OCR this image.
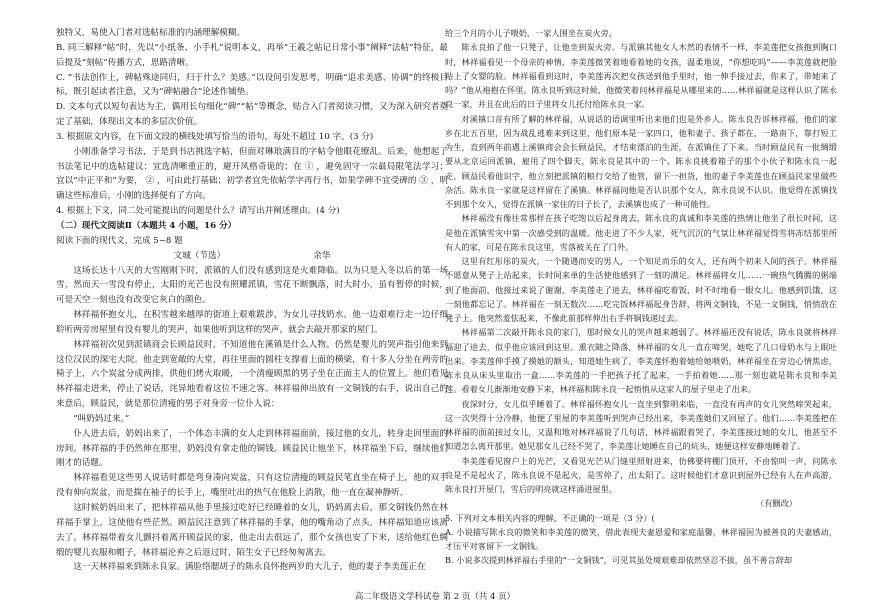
独特又，易使入门者对选帖标准的内涵理解模糊。

B. 同三解释“帖”时，先以“小纸条、小手札”说明本义，再举“王羲之帖记日常小事”阐释“法帖”特征，最后提及“刻帖”传播方式，思路清晰。

C. “书法创作上，碑帖殊途同归，归于什么？美感。”以设问引发思考，明确“追求美感、协调”的终极目标，既引起读者注意，又为“碑帖融合”论述作铺垫。

D. 文本句式以短句表达为主，偶用长句细化“碑”“帖”等概念，贴合入门者阅读习惯，又为深入研究者奠定了基础，体现出文本的多层次价值。

3. 根据原文内容，在下面文段的横线处填写恰当的语句，每处不超过 10 字。(3 分)

小刚准备学习书法，于是到书店挑选字帖，但面对琳琅满目的字帖令他眼花缭乱。后来，他想起了书法笔记中的选帖建议：宜选清晰重正的，避开风格奇诡的；在 ① ，避免固守一宗最局限笔法学习；宜以“中正平和”为要， ② ，可由此打基础；初学者宜先依帖学字再行书，如果学碑不宜受碑的 ③ ，明确这些标准后，小刚的选择便有了方向。

4. 根据上下文，同二处可能提出的问题是什么？请写出并阐述理由。(4 分)

（二）现代文阅读Ⅱ（本题共 4 小题，16 分）

阅读下面的现代文，完成 5~8 题

文城（节选）	余华

这场长达十八天的大雪刚刚下时，派镇的人们没有感到这是火难降临。以为只是入冬以后的第一场雪，然而天一雪没有停止，太阳的光芒也没有照耀派镇，雪花不断飘落，时大时小，虽有暂停的时候，可是天空一刻也没有改变它灰白的颜色。

林祥福怀抱女儿，在积雪越来越厚的街道上艰难跋涉，为女儿寻找奶水。他一边艰难行走一边仔细聆听两旁房屋里有没有婴儿的哭声，如果他听到这样的哭声，就会去敲开那家的屋门。

林祥福初次见到派镇商会长顾益民时，不知道他在溪镇是什么人物。仍然是婴儿的哭声指引他来到这位汉民的深宅大院。他走到宽敞的大堂，再往里面的圆柱支撑着上面的横梁，有十多人分坐在两旁的椅子上，六个炭盆分成两排，供他们烤火取暖，一个清瘦顾黑的男子坐在正面主人的位置上。他们看见林祥福走进来，停止了说话，诧异地看着这位不速之客。林祥福伸出放有一文铜钱的右手，说出自己的来意后，顾益民，就是那位清瘦的男子对身旁一位仆人说：

“叫奶妈过来。”

仆人进去后，奶妈出来了，一个体态丰满的女人走到林祥福面前，接过他的女儿，转身走回里面的房间。林祥福的手仍然伸在那里，奶妈没有拿走他的铜钱。顾益民让他坐下，林祥福坐下后，继续他们刚才的话题。

林祥福看见这些男人说话时都是弯身凑向炭盆，只有这位清瘦的顾益民笔直坐在椅子上，他的双手没有伸向炭盆，而是揣在袖子的长手上，嘴里吐出的热气在他脸上消散，他一直在凝神静听。

这时候奶妈出来了，把林祥福从他手里接过吃好已经睡着的女儿，奶妈离去后，那文铜钱仍然在林祥福手掌上，这使他有些茫然。顾益民注意到了林祥福的手掌，他的嘴角动了点头，林祥福知道应该离去了。林祥福带着女儿颤抖着离开顾益民的家，他走出去很远了，那个女孩也安了下来，送给他红色绸缎的婴儿衣服和帽子，林祥福沦弃之后返过时，陌生女子已经匆匆离去。

这一天林祥福来到陈永良家。满脸络腮胡子的陈永良怀抱两岁的大儿子，他的妻子李美莲正在

给三个月的小儿子喂奶，一家人围坐在炭火旁。

陈永良拍了他一只凳子，让他坐到炭火旁。与派镇其他女人木然的表情不一样，李美莲把女孩抱到胸口时，林祥福看见一个母亲的神情，李美莲微笑着地看着她的女孩，温柔地说，“你想吃吗”——李美莲就把脸贴上了女婴的脸。林祥福看到这时，李美莲再次把女孩送到他手里时，他一伸手接过去，你来了，带她来了吗？”他从袍抱在怀里。陈永良听到这时候，他微笑着问林祥福是从哪里来的……林祥福就是这样认识了陈永良一家，并且在此后的日子里将女儿托付给陈永良一家。

对溪镇口音有所了解的林祥福，从说话的语调里听出来他们也是外乡人。陈永良告诉林祥福，他们的家乡在北五百里，因为战乱逃难来到这里，他们原本是一家四口，他和妻子、孩子都在，一路南下，靠打短工为生，直到两年前遇上溪镇商会会长顾益民，才结束漂泊的生涯，在派镇住了下来。当时顾益民有一批绸缎要从北京运回派镇，雇用了四个脚夫，陈永良是其中的一个。陈永良挑着箱子的那个小伙子和陈永良一起走，顾益民看他识字，他立刻把派镇的粮行交给了他管，留下一担货，他的妻子李美莲也在顾益民家里做些杂活。陈永良一家就是这样留在了溪镇。林祥福问他是否认识那个女人，陈永良说不认识。他觉得在派镇找不到那个女人，觉得在派镇一家住的日子长了，去溪镇也成了一种可能性。

林祥福没有像往常那样在孩子吃饱以后起身离去，陈永良的真诚和李美莲的热情让他坐了很长时间，这是他在派镇雪灾中第一次感受到的温暖。他走进了不少人家，死气沉沉的气氛让林祥福觉得雪将冻结那里所有人的家，可是在陈永良这里，雪落被关在了门外。

这里有红彤彤的炭火，一个随遇而安的男人，一个知足而乐的女人，还有两个初来人间的孩子。林祥福不愿意从凳子上站起来，长时间来单的生活使他感到了一刻的满足。林祥福将女儿……一碗热气腾腾的粥端到了他面前，他接过来说了谢谢，李美莲走了进去，林祥福吃着饭，时不时地看一眼女儿。他感到饥饿，这一刻他都忘记了。林祥福在一刻无数次……吃完饭林祥福起身告辞，将两文铜钱，不是一文铜钱，悄悄放在凳子上。他突然羞怯起来，不像此前那样伸出右手将铜钱递过去。

林祥福第二次敲开陈永良的家门，那时候女儿的哭声越来越弱了。林祥福还没有说话，陈永良就将林祥福迎了进去，似乎他应该回到这里。熏衣随之降落，林祥福的女儿一直在啼哭，她吃了几口母奶水与上眠吐出来。李美莲伸手摸了摸她的额头，知道她生病了，李美莲怀抱着她给她喂奶，林祥福坐在旁边心情焦虑，陈永良从床头里取出一盒……李美莲的一手把孩子托了起来，一手拍着她……那一刻也就是陈永良和李美莲。看着女儿渐渐地安静下来，林祥福和陈永良一起悄悄从这家人的屋子里走了出来。

夜深时分，女儿似乎睡着了。林祥福怀抱女儿一直坐到黎明来临，一直没有再声的女儿突然啼哭起来，这一次哭得十分冷静，他便了里屋的李美莲听到哭声已经出来，李美莲她们又回屋了。他们……李美莲把在林祥福的面前接过女儿，又温和地对林祥福说了几句话，林祥福跟着哭了，李美莲接过她的女儿，他甚至不知道怎么离开那里。她见那女儿已经不哭了，李美莲让她睡在自己的炕头，她便这样安静地睡着了。

李美莲看见窗户上的光芒，又看见光芒从门缝里照射进来，仿佛要将棚门顶开，不由惊叫一声，问陈永良是不是起火了，陈永良说不是起火，是雪停了，出太阳了。这时候他们才意识到屋外已经有人在声高游，陈永良打开屋门，雪后的明亮就这样涌进屋里。

（有删改）

5. 下列对文本相关内容的理解，不正确的一项是（3 分）(

A. 小说描写陈永良的微笑和李美莲的微笑，借此表现夫妻恩爱和家庭温馨，林祥福因为被善良的夫妻感动，才压平对客留下一文铜钱。

B. 小说多次提到林祥福右手里的“一文铜钱”，可见其虽处境艰难却依然坚忍不拔，虽不善言辞却

高二年级语文学科试卷 第 2 页（共 4 页）
